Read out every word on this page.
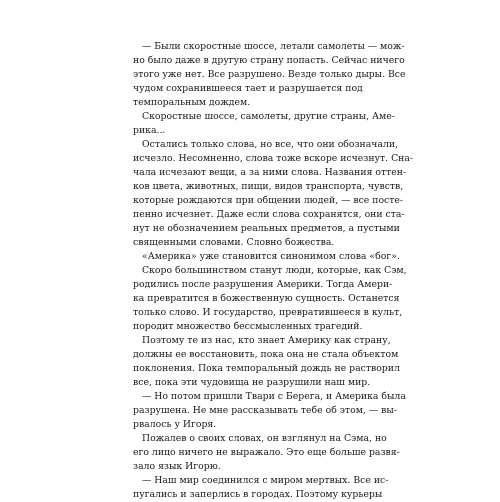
— Были скоростные шоссе, летали самолеты — мож-
но было даже в другую страну попасть. Сейчас ничего
этого уже нет. Все разрушено. Везде только дыры. Все
чудом сохранившееся тает и разрушается под
темпоральным дождем.
Скоростные шоссе, самолеты, другие страны, Аме-
рика...
Остались только слова, но все, что они обозначали,
исчезло. Несомненно, слова тоже вскоре исчезнут. Сна-
чала исчезают вещи, а за ними слова. Названия оттен-
ков цвета, животных, пищи, видов транспорта, чувств,
которые рождаются при общении людей, — все посте-
пенно исчезнет. Даже если слова сохранятся, они ста-
нут не обозначением реальных предметов, а пустыми
священными словами. Словно божества.
«Америка» уже становится синонимом слова «бог».
Скоро большинством станут люди, которые, как Сэм,
родились после разрушения Америки. Тогда Амери-
ка превратится в божественную сущность. Останется
только слово. И государство, превратившееся в культ,
породит множество бессмысленных трагедий.
Поэтому те из нас, кто знает Америку как страну,
должны ее восстановить, пока она не стала объектом
поклонения. Пока темпоральный дождь не растворил
все, пока эти чудовища не разрушили наш мир.
— Но потом пришли Твари с Берега, и Америка была
разрушена. Не мне рассказывать тебе об этом, — вы-
рвалось у Игоря.
Пожалев о своих словах, он взглянул на Сэма, но
его лицо ничего не выражало. Это еще больше развя-
зало язык Игорю.
— Наш мир соединился с миром мертвых. Все ис-
пугались и заперлись в городах. Поэтому курьеры
